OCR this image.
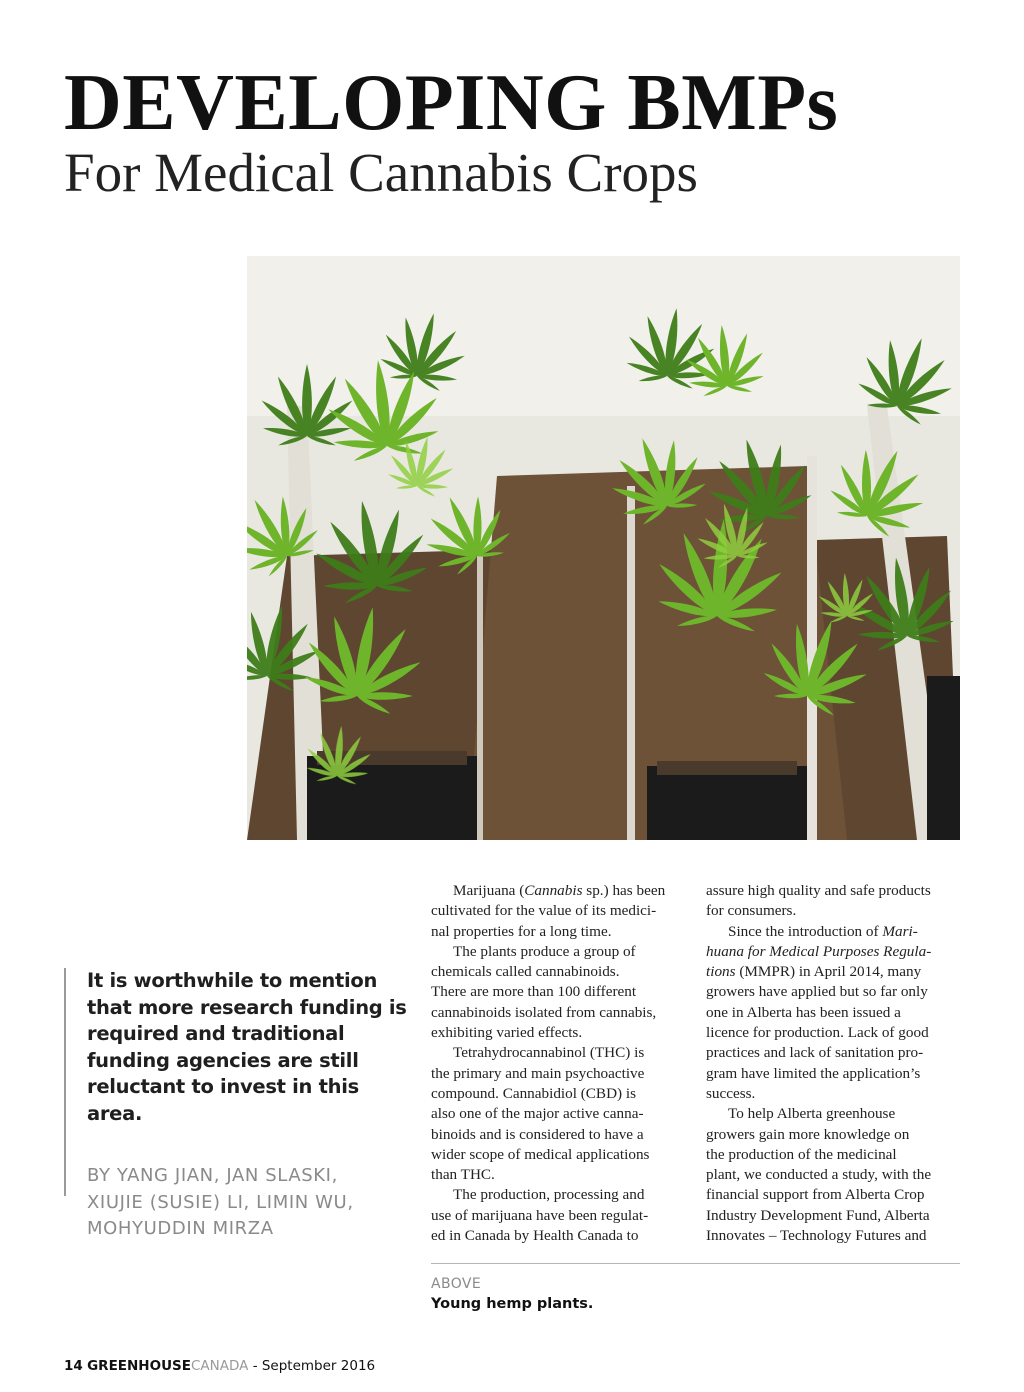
DEVELOPING BMPs
For Medical Cannabis Crops

It is worthwhile to mention that more research funding is required and traditional funding agencies are still reluctant to invest in this area.

BY YANG JIAN, JAN SLASKI,
XIUJIE (SUSIE) LI, LIMIN WU,
MOHYUDDIN MIRZA

Marijuana (Cannabis sp.) has been
cultivated for the value of its medici-
nal properties for a long time.

The plants produce a group of
chemicals called cannabinoids.
There are more than 100 different
cannabinoids isolated from cannabis,
exhibiting varied effects.

Tetrahydrocannabinol (THC) is
the primary and main psychoactive
compound. Cannabidiol (CBD) is
also one of the major active canna-
binoids and is considered to have a
wider scope of medical applications
than THC.

The production, processing and
use of marijuana have been regulat-
ed in Canada by Health Canada to

assure high quality and safe products
for consumers.

Since the introduction of Mari-
huana for Medical Purposes Regula-
tions (MMPR) in April 2014, many
growers have applied but so far only
one in Alberta has been issued a
licence for production. Lack of good
practices and lack of sanitation pro-
gram have limited the application’s
success.

To help Alberta greenhouse
growers gain more knowledge on
the production of the medicinal
plant, we conducted a study, with the
financial support from Alberta Crop
Industry Development Fund, Alberta
Innovates – Technology Futures and

ABOVE
Young hemp plants.
14 GREENHOUSECANADA - September 2016
